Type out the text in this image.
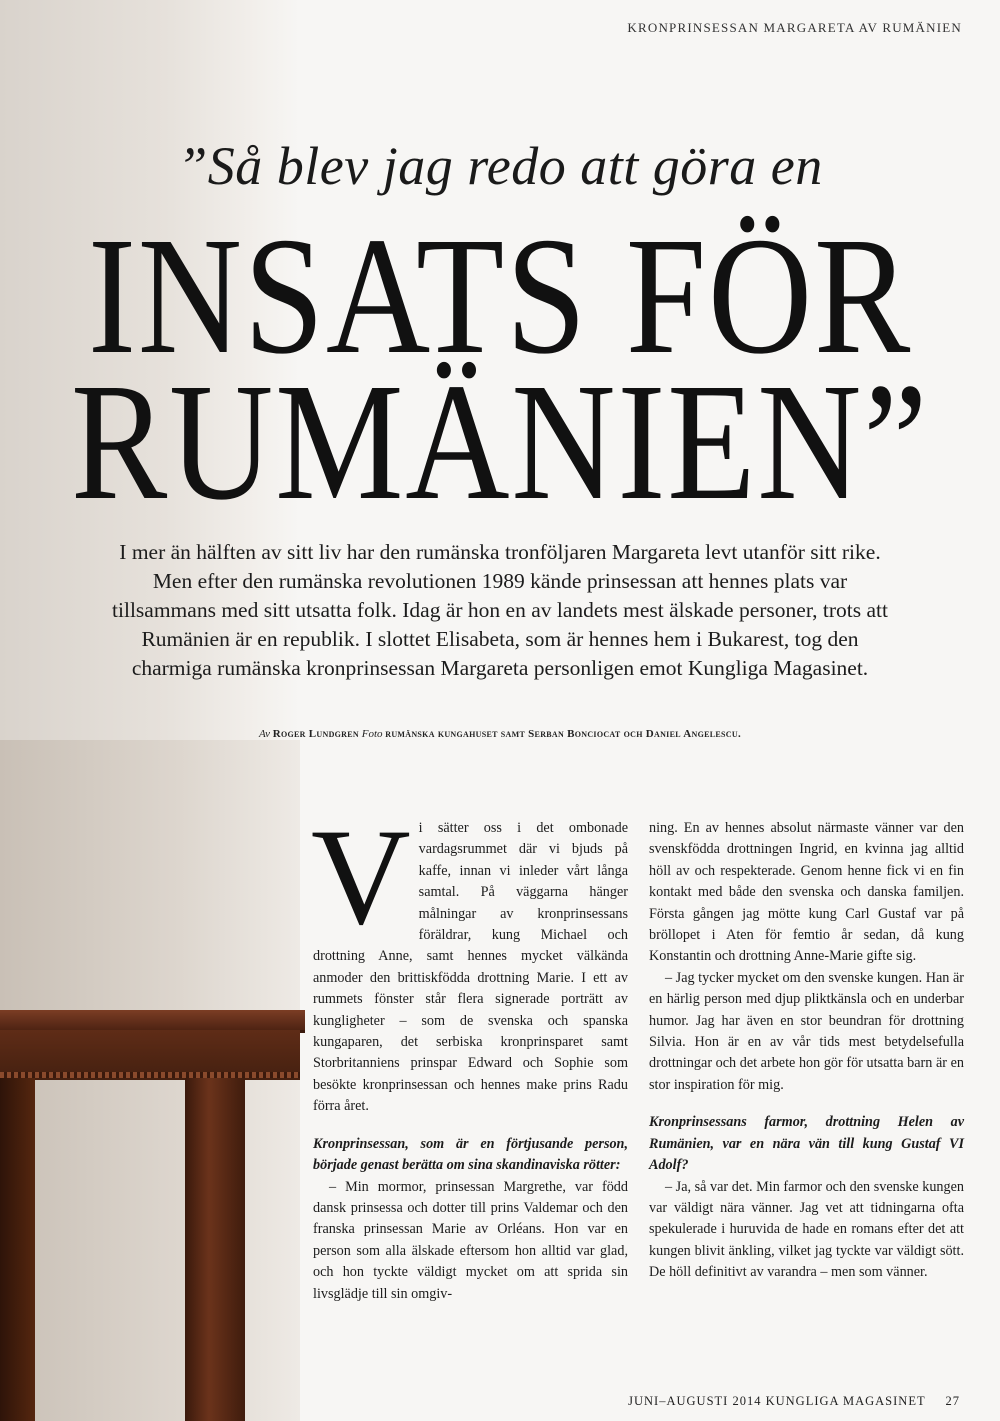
KRONPRINSESSAN MARGARETA AV RUMÄNIEN
”Så blev jag redo att göra en
INSATS FÖR
RUMÄNIEN”
I mer än hälften av sitt liv har den rumänska tronföljaren Margareta levt utanför sitt rike. Men efter den rumänska revolutionen 1989 kände prinsessan att hennes plats var tillsammans med sitt utsatta folk. Idag är hon en av landets mest älskade personer, trots att Rumänien är en republik. I slottet Elisabeta, som är hennes hem i Bukarest, tog den charmiga rumänska kronprinsessan Margareta personligen emot Kungliga Magasinet.
Av Roger Lundgren Foto rumänska kungahuset samt Serban Bonciocat och Daniel Angelescu.
V i sätter oss i det ombonade vardagsrummet där vi bjuds på kaffe, innan vi inleder vårt långa samtal. På väggarna hänger målningar av kronprinsessans föräldrar, kung Michael och drottning Anne, samt hennes mycket välkända anmoder den brittiskfödda drottning Marie. I ett av rummets fönster står flera signerade porträtt av kungligheter – som de svenska och spanska kungaparen, det serbiska kronprinsparet samt Storbritanniens prinspar Edward och Sophie som besökte kronprinsessan och hennes make prins Radu förra året.

Kronprinsessan, som är en förtjusande person, började genast berätta om sina skandinaviska rötter:

– Min mormor, prinsessan Margrethe, var född dansk prinsessa och dotter till prins Valdemar och den franska prinsessan Marie av Orléans. Hon var en person som alla älskade eftersom hon alltid var glad, och hon tyckte väldigt mycket om att sprida sin livsglädje till sin omgiv-

ning. En av hennes absolut närmaste vänner var den svenskfödda drottningen Ingrid, en kvinna jag alltid höll av och respekterade. Genom henne fick vi en fin kontakt med både den svenska och danska familjen. Första gången jag mötte kung Carl Gustaf var på bröllopet i Aten för femtio år sedan, då kung Konstantin och drottning Anne-Marie gifte sig.

– Jag tycker mycket om den svenske kungen. Han är en härlig person med djup pliktkänsla och en underbar humor. Jag har även en stor beundran för drottning Silvia. Hon är en av vår tids mest betydelsefulla drottningar och det arbete hon gör för utsatta barn är en stor inspiration för mig.

Kronprinsessans farmor, drottning Helen av Rumänien, var en nära vän till kung Gustaf VI Adolf?

– Ja, så var det. Min farmor och den svenske kungen var väldigt nära vänner. Jag vet att tidningarna ofta spekulerade i huruvida de hade en romans efter det att kungen blivit änkling, vilket jag tyckte var väldigt sött. De höll definitivt av varandra – men som vänner.

JUNI–AUGUSTI 2014 KUNGLIGA MAGASINET 27
